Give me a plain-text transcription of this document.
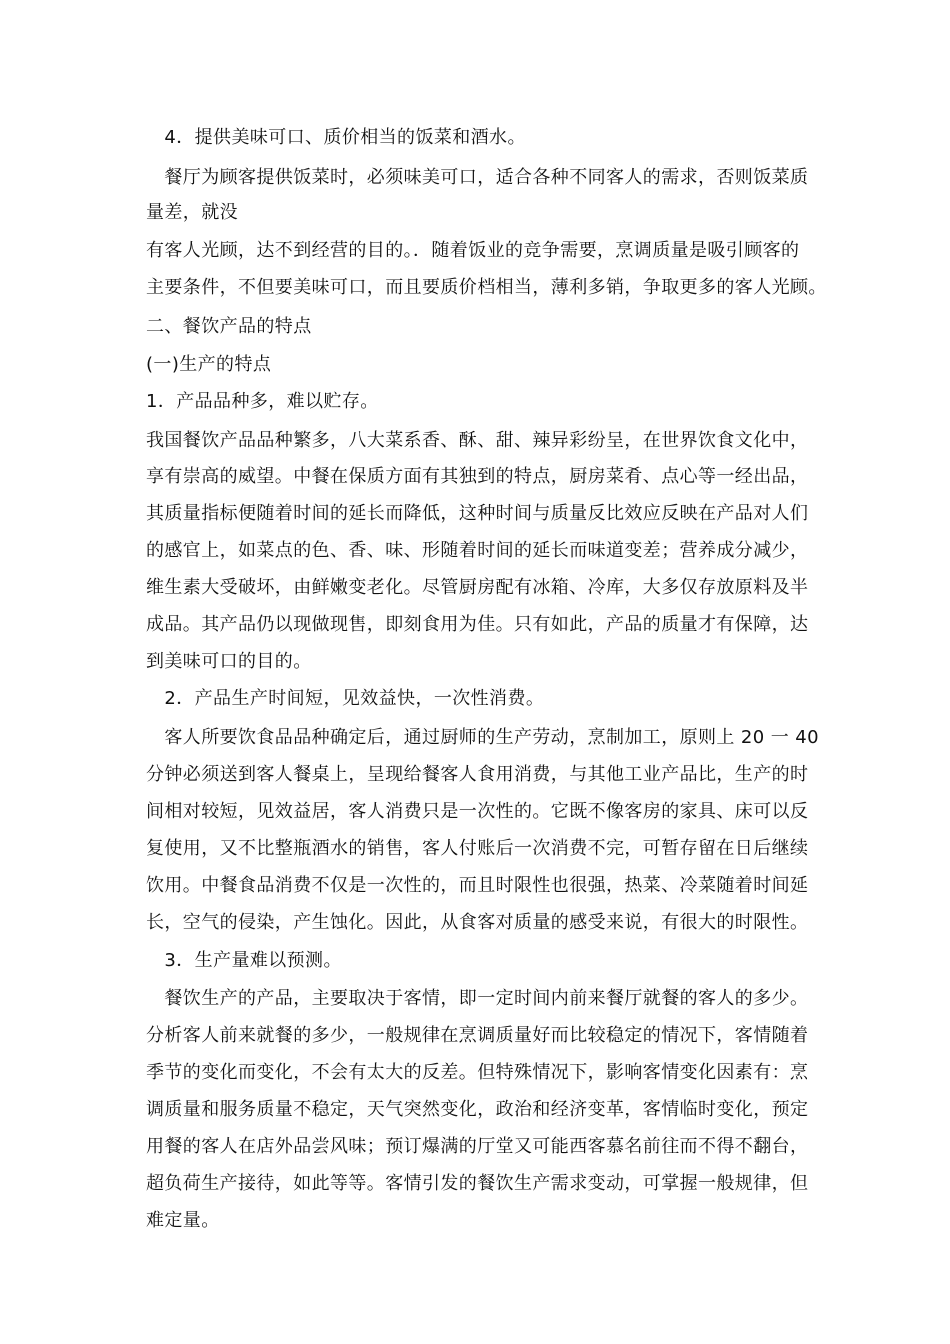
　4．提供美味可口、质价相当的饭菜和酒水。
　餐厅为顾客提供饭菜时，必须味美可口，适合各种不同客人的需求，否则饭菜质
量差，就没
有客人光顾，达不到经营的目的。．随着饭业的竞争需要，烹调质量是吸引顾客的
主要条件，不但要美味可口，而且要质价档相当，薄利多销，争取更多的客人光顾。
二、餐饮产品的特点
(一)生产的特点
1．产品品种多，难以贮存。
我国餐饮产品品种繁多，八大菜系香、酥、甜、辣异彩纷呈，在世界饮食文化中，
享有崇高的威望。中餐在保质方面有其独到的特点，厨房菜肴、点心等一经出品，
其质量指标便随着时间的延长而降低，这种时间与质量反比效应反映在产品对人们
的感官上，如菜点的色、香、味、形随着时间的延长而味道变差；营养成分减少，
维生素大受破坏，由鲜嫩变老化。尽管厨房配有冰箱、冷库，大多仅存放原料及半
成品。其产品仍以现做现售，即刻食用为佳。只有如此，产品的质量才有保障，达
到美味可口的目的。
　2．产品生产时间短，见效益快，一次性消费。
　客人所要饮食品品种确定后，通过厨师的生产劳动，烹制加工，原则上 20 一 40
分钟必须送到客人餐桌上，呈现给餐客人食用消费，与其他工业产品比，生产的时
间相对较短，见效益居，客人消费只是一次性的。它既不像客房的家具、床可以反
复使用，又不比整瓶酒水的销售，客人付账后一次消费不完，可暂存留在日后继续
饮用。中餐食品消费不仅是一次性的，而且时限性也很强，热菜、冷菜随着时间延
长，空气的侵染，产生蚀化。因此，从食客对质量的感受来说，有很大的时限性。
　3．生产量难以预测。
　餐饮生产的产品，主要取决于客情，即一定时间内前来餐厅就餐的客人的多少。
分析客人前来就餐的多少，一般规律在烹调质量好而比较稳定的情况下，客情随着
季节的变化而变化，不会有太大的反差。但特殊情况下，影响客情变化因素有：烹
调质量和服务质量不稳定，天气突然变化，政治和经济变革，客情临时变化，预定
用餐的客人在店外品尝风味；预订爆满的厅堂又可能西客慕名前往而不得不翻台，
超负荷生产接待，如此等等。客情引发的餐饮生产需求变动，可掌握一般规律，但
难定量。
